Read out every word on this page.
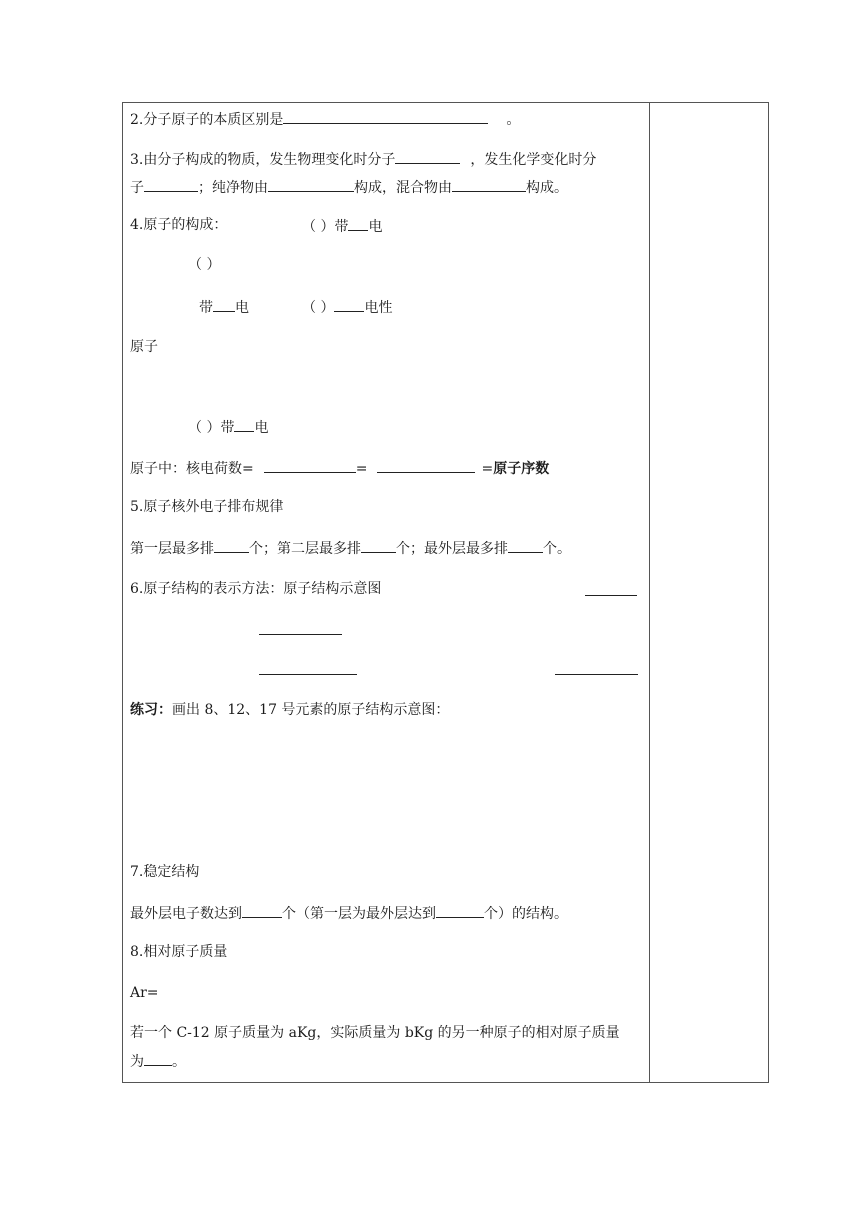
2.分子原子的本质区别是	。
3.由分子构成的物质，发生物理变化时分子	，发生化学变化时分
子	；纯净物由	构成，混合物由	构成。
4.原子的构成：	（ ）带 电
（ ）
带 电	（ ） 电性
原子
（ ）带 电
原子中：核电荷数=	=	=原子序数
5.原子核外电子排布规律
第一层最多排	个；第二层最多排	个；最外层最多排	个。
6.原子结构的表示方法：原子结构示意图
练习：画出 8、12、17 号元素的原子结构示意图：
7.稳定结构
最外层电子数达到	个（第一层为最外层达到	个）的结构。
8.相对原子质量
Ar=
若一个 C-12 原子质量为 aKg，实际质量为 bKg 的另一种原子的相对原子质量
为 。
